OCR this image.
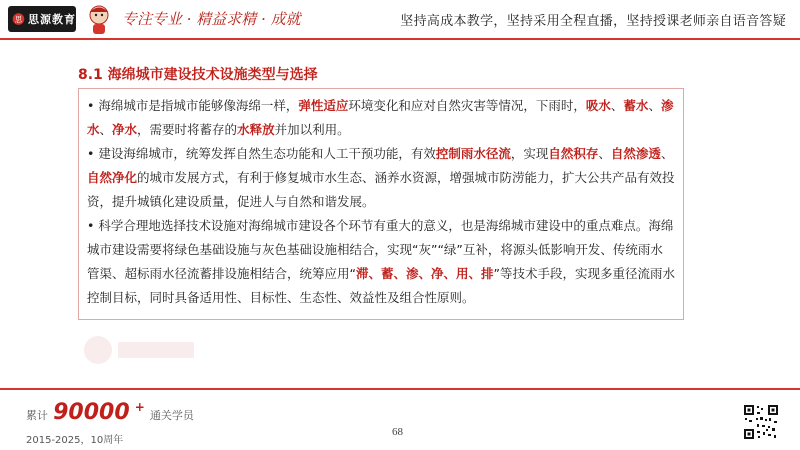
思 思源教育	专注专业 · 精益求精 · 成就	坚持高成本教学，坚持采用全程直播，坚持授课老师亲自语音答疑
8.1 海绵城市建设技术设施类型与选择

• 海绵城市是指城市能够像海绵一样，弹性适应环境变化和应对自然灾害等情况，下雨时，吸水、蓄水、渗水、净水，需要时将蓄存的水释放并加以利用。

• 建设海绵城市，统筹发挥自然生态功能和人工干预功能，有效控制雨水径流，实现自然积存、自然渗透、自然净化的城市发展方式，有利于修复城市水生态、涵养水资源，增强城市防涝能力，扩大公共产品有效投资，提升城镇化建设质量，促进人与自然和谐发展。

• 科学合理地选择技术设施对海绵城市建设各个环节有重大的意义，也是海绵城市建设中的重点难点。海绵城市建设需要将绿色基础设施与灰色基础设施相结合，实现“灰”“绿”互补，将源头低影响开发、传统雨水管渠、超标雨水径流蓄排设施相结合，统筹应用“滞、蓄、渗、净、用、排”等技术手段，实现多重径流雨水控制目标，同时具备适用性、目标性、生态性、效益性及组合性原则。

累计 90000 + 通关学员
2015-2025，10周年
68
